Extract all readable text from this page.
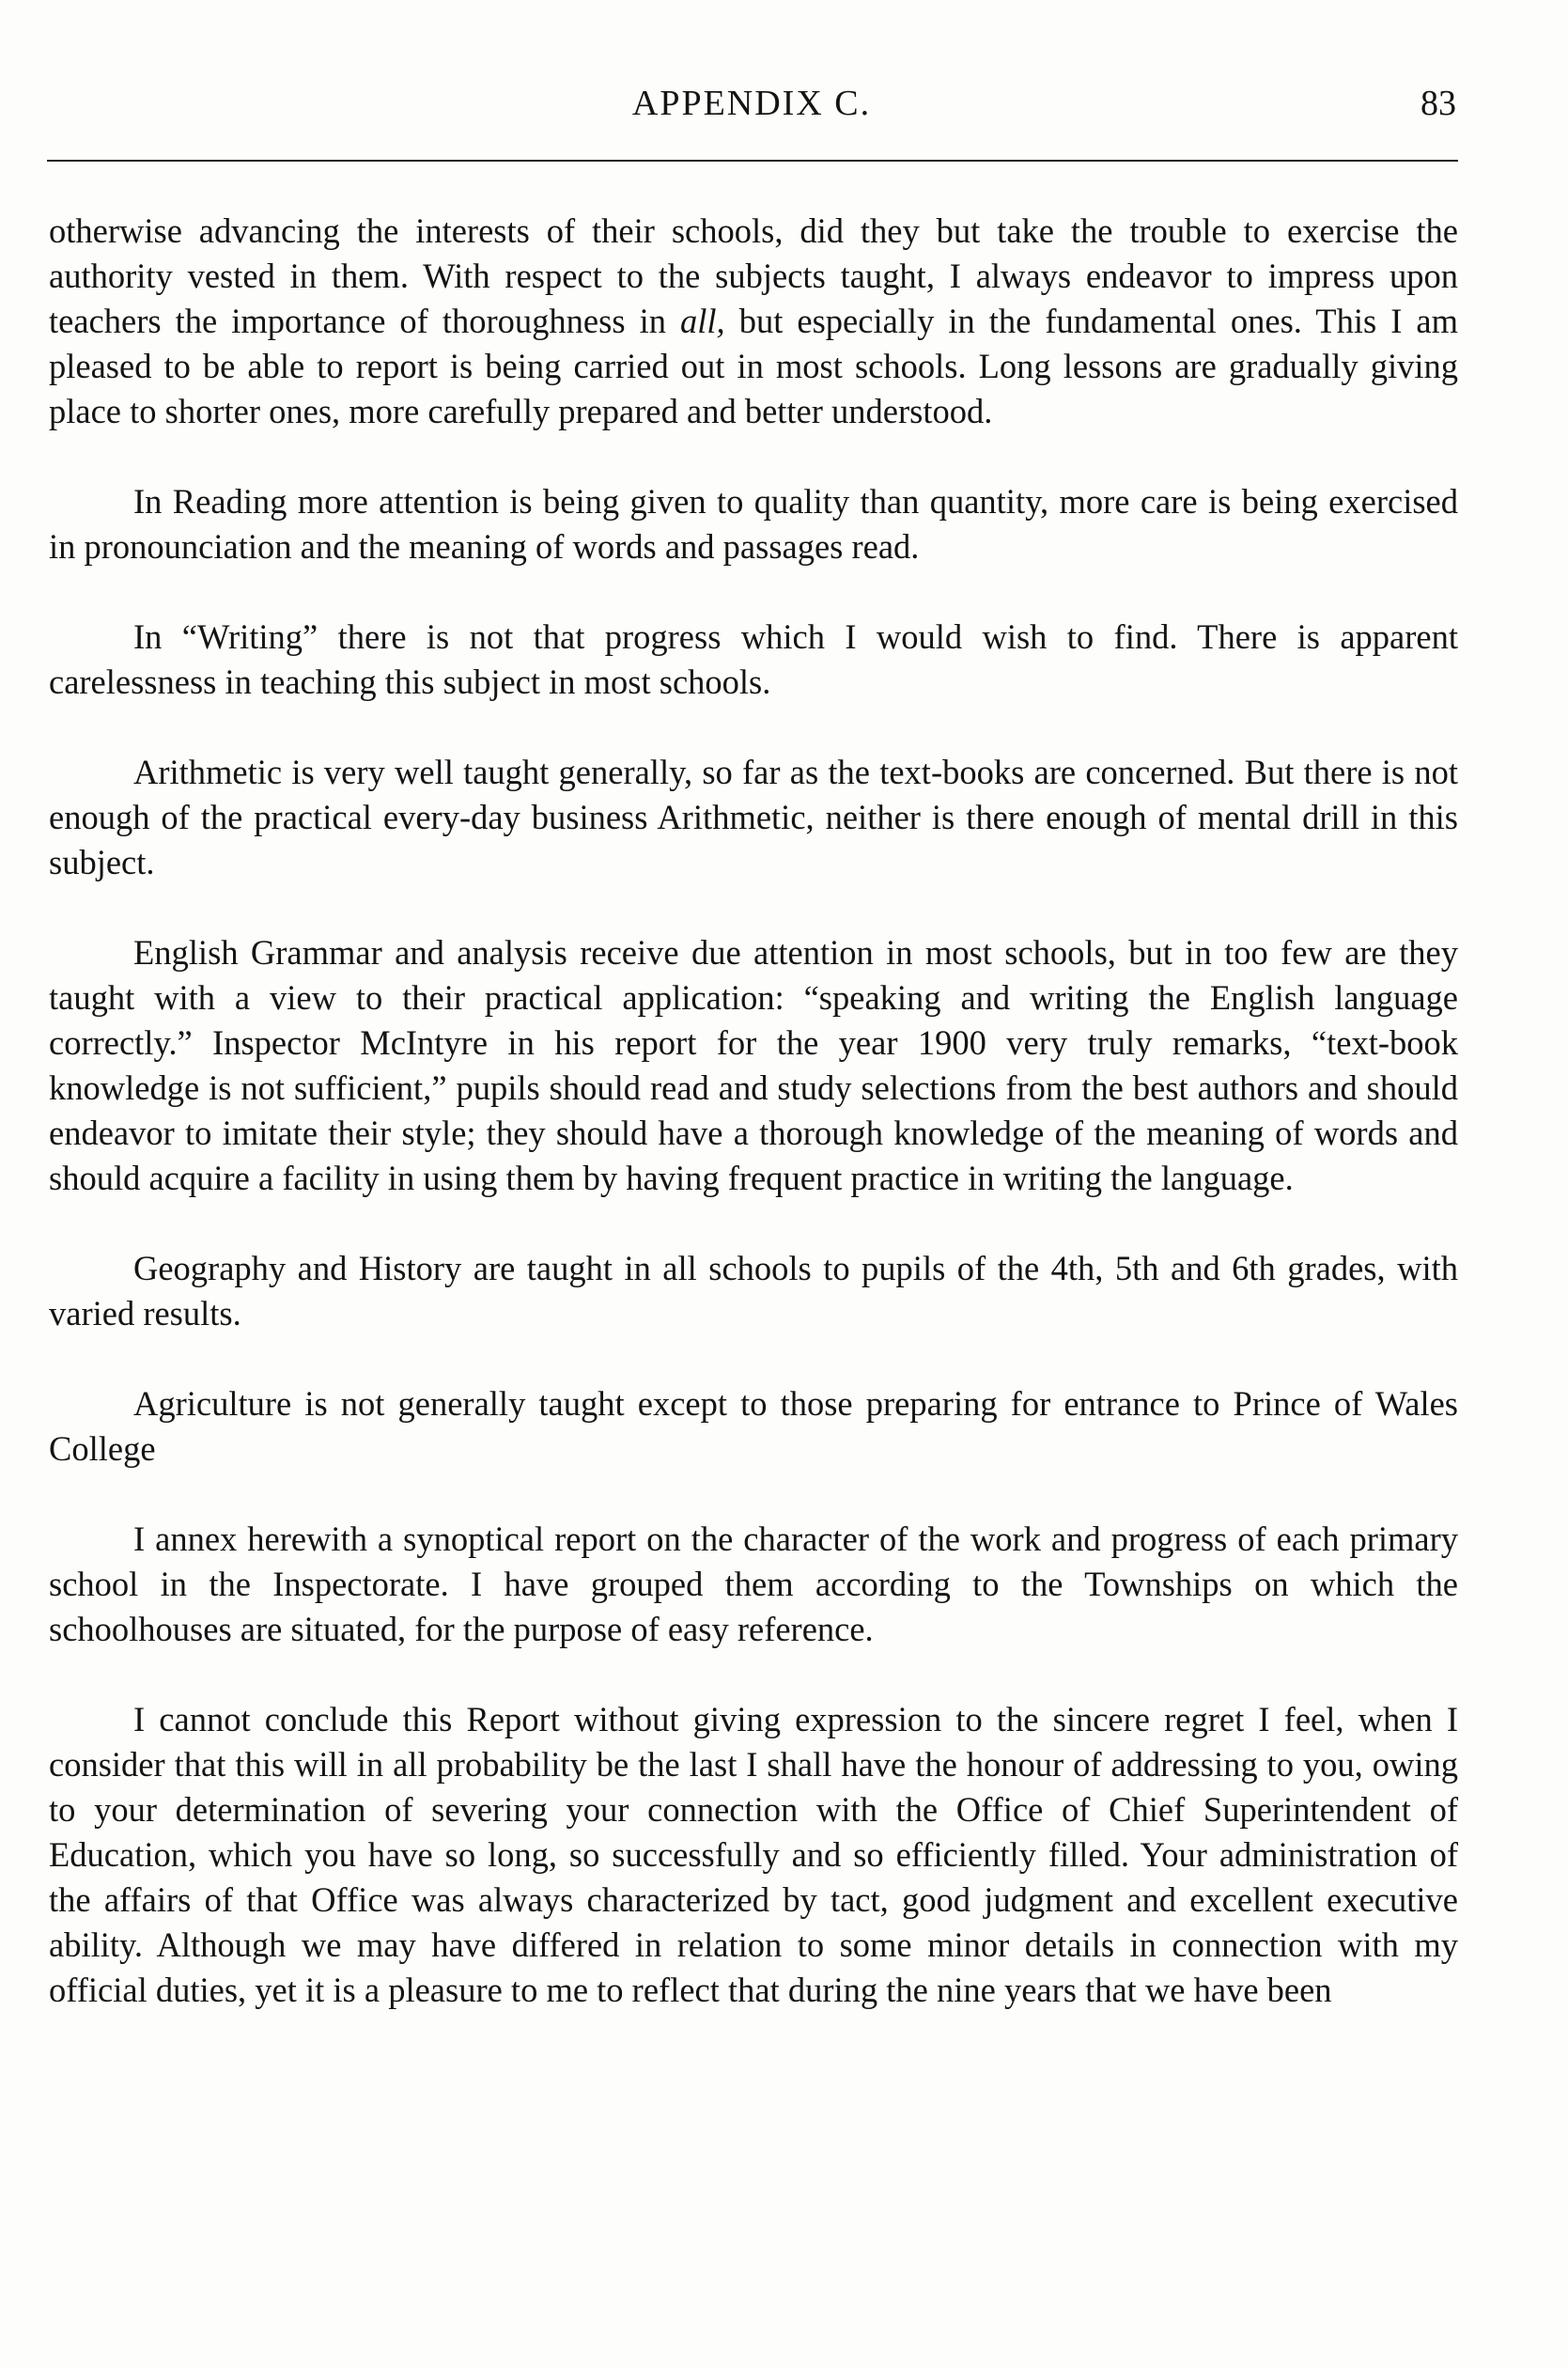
APPENDIX C.	83

otherwise advancing the interests of their schools, did they but take the trouble to exercise the authority vested in them. With respect to the subjects taught, I always endeavor to impress upon teachers the importance of thoroughness in all, but especially in the fundamental ones. This I am pleased to be able to report is being carried out in most schools. Long lessons are gradually giving place to shorter ones, more carefully prepared and better understood.

In Reading more attention is being given to quality than quantity, more care is being exercised in pronounciation and the meaning of words and passages read.

In “Writing” there is not that progress which I would wish to find. There is apparent carelessness in teaching this subject in most schools.

Arithmetic is very well taught generally, so far as the text-books are concerned. But there is not enough of the practical every-day business Arithmetic, neither is there enough of mental drill in this subject.

English Grammar and analysis receive due attention in most schools, but in too few are they taught with a view to their practical application: “speaking and writing the English language correctly.” Inspector McIntyre in his report for the year 1900 very truly remarks, “text-book knowledge is not sufficient,” pupils should read and study selections from the best authors and should endeavor to imitate their style; they should have a thorough knowledge of the meaning of words and should acquire a facility in using them by having frequent practice in writing the language.

Geography and History are taught in all schools to pupils of the 4th, 5th and 6th grades, with varied results.

Agriculture is not generally taught except to those preparing for entrance to Prince of Wales College

I annex herewith a synoptical report on the character of the work and progress of each primary school in the Inspectorate. I have grouped them according to the Townships on which the schoolhouses are situated, for the purpose of easy reference.

I cannot conclude this Report without giving expression to the sincere regret I feel, when I consider that this will in all probability be the last I shall have the honour of addressing to you, owing to your determination of severing your connection with the Office of Chief Superintendent of Education, which you have so long, so successfully and so efficiently filled. Your administration of the affairs of that Office was always characterized by tact, good judgment and excellent executive ability. Although we may have differed in relation to some minor details in connection with my official duties, yet it is a pleasure to me to reflect that during the nine years that we have been
